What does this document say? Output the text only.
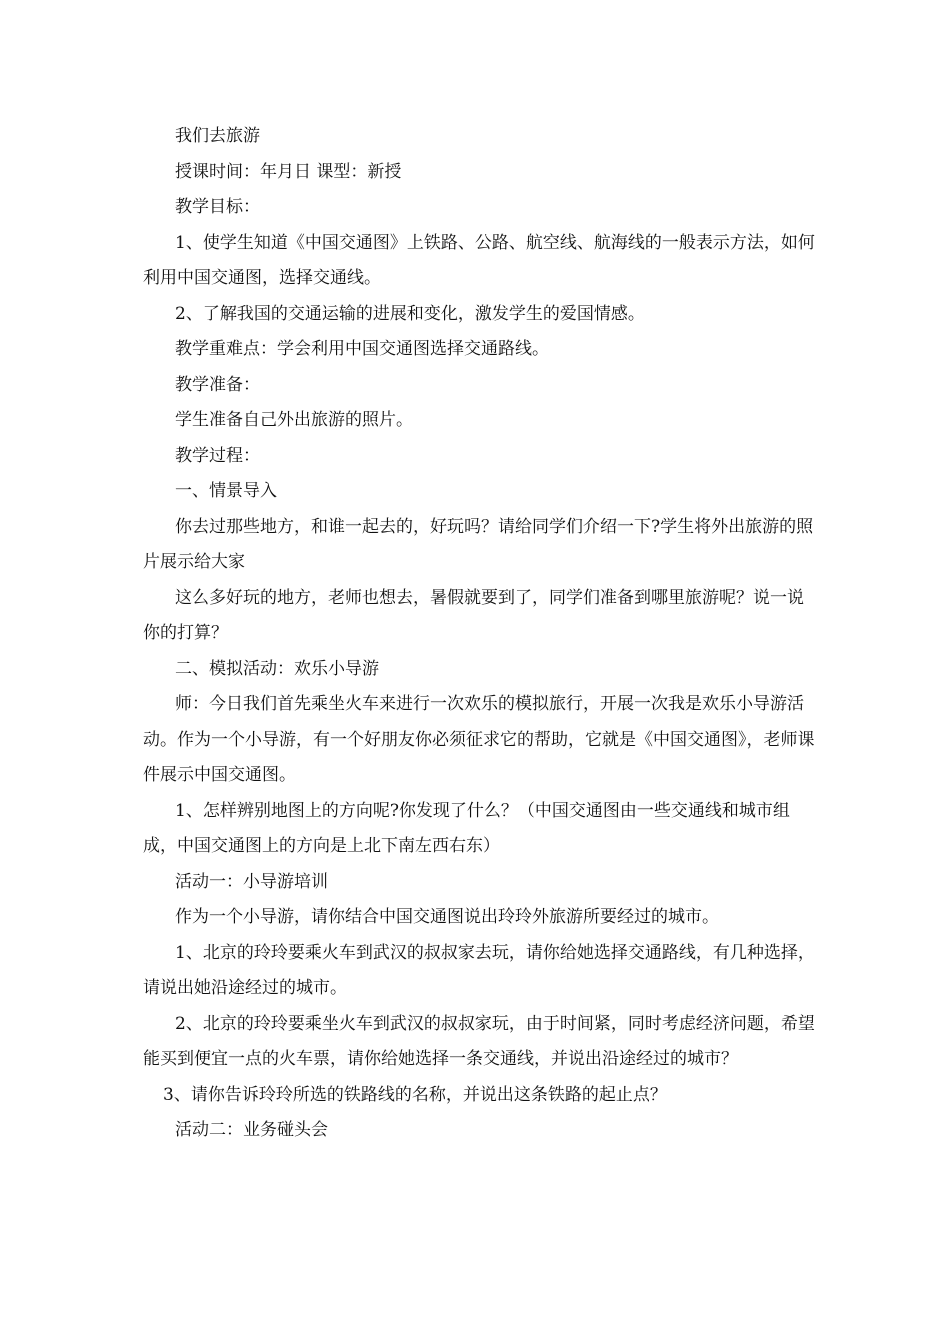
我们去旅游

授课时间：年月日 课型：新授

教学目标：

1、使学生知道《中国交通图》上铁路、公路、航空线、航海线的一般表示方法，如何利用中国交通图，选择交通线。

2、了解我国的交通运输的进展和变化，激发学生的爱国情感。

教学重难点：学会利用中国交通图选择交通路线。

教学准备：

学生准备自己外出旅游的照片。

教学过程：

一、情景导入

你去过那些地方，和谁一起去的，好玩吗？请给同学们介绍一下?学生将外出旅游的照片展示给大家

这么多好玩的地方，老师也想去，暑假就要到了，同学们准备到哪里旅游呢？说一说你的打算？

二、模拟活动：欢乐小导游

师：今日我们首先乘坐火车来进行一次欢乐的模拟旅行，开展一次我是欢乐小导游活动。作为一个小导游，有一个好朋友你必须征求它的帮助，它就是《中国交通图》，老师课件展示中国交通图。

1、怎样辨别地图上的方向呢?你发现了什么？（中国交通图由一些交通线和城市组成，中国交通图上的方向是上北下南左西右东）

活动一：小导游培训

作为一个小导游，请你结合中国交通图说出玲玲外旅游所要经过的城市。

1、北京的玲玲要乘火车到武汉的叔叔家去玩，请你给她选择交通路线，有几种选择，请说出她沿途经过的城市。

2、北京的玲玲要乘坐火车到武汉的叔叔家玩，由于时间紧，同时考虑经济问题，希望能买到便宜一点的火车票，请你给她选择一条交通线，并说出沿途经过的城市？

3、请你告诉玲玲所选的铁路线的名称，并说出这条铁路的起止点？

活动二：业务碰头会
